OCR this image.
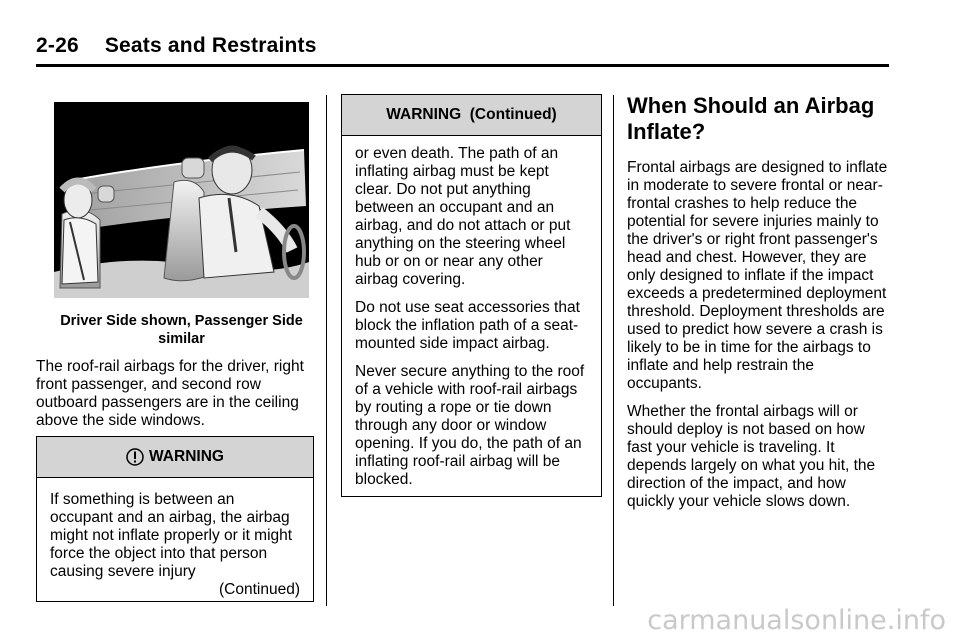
2-26 Seats and Restraints
Driver Side shown, Passenger Side similar

The roof-rail airbags for the driver, right front passenger, and second row outboard passengers are in the ceiling above the side windows.

WARNING

If something is between an occupant and an airbag, the airbag might not inflate properly or it might force the object into that person causing severe injury

(Continued)
WARNING  (Continued)

or even death. The path of an inflating airbag must be kept clear. Do not put anything between an occupant and an airbag, and do not attach or put anything on the steering wheel hub or on or near any other airbag covering.

Do not use seat accessories that block the inflation path of a seat-mounted side impact airbag.

Never secure anything to the roof of a vehicle with roof-rail airbags by routing a rope or tie down through any door or window opening. If you do, the path of an inflating roof-rail airbag will be blocked.

When Should an Airbag Inflate?

Frontal airbags are designed to inflate in moderate to severe frontal or near-frontal crashes to help reduce the potential for severe injuries mainly to the driver's or right front passenger's head and chest. However, they are only designed to inflate if the impact exceeds a predetermined deployment threshold. Deployment thresholds are used to predict how severe a crash is likely to be in time for the airbags to inflate and help restrain the occupants.

Whether the frontal airbags will or should deploy is not based on how fast your vehicle is traveling. It depends largely on what you hit, the direction of the impact, and how quickly your vehicle slows down.

carmanualsonline.info
